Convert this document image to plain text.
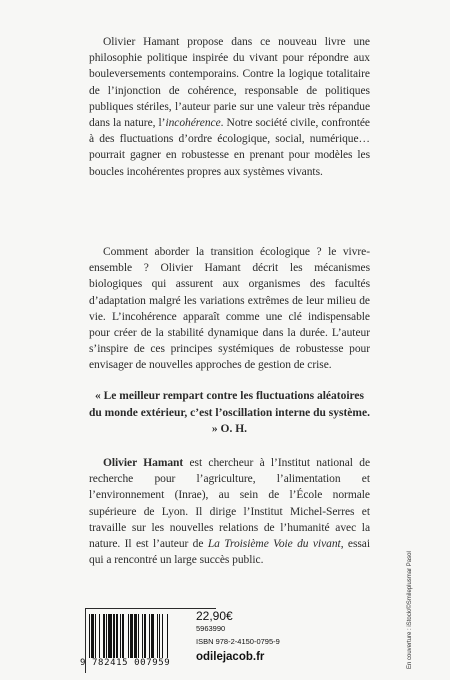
Olivier Hamant propose dans ce nouveau livre une philosophie politique inspirée du vivant pour répondre aux bouleversements contemporains. Contre la logique totalitaire de l’injonction de cohérence, responsable de politiques publiques stériles, l’auteur parie sur une valeur très répandue dans la nature, l’incohérence. Notre société civile, confrontée à des fluctuations d’ordre écologique, social, numérique… pourrait gagner en robustesse en prenant pour modèles les boucles incohérentes propres aux systèmes vivants.

Comment aborder la transition écologique ? le vivre-ensemble ? Olivier Hamant décrit les mécanismes biologiques qui assurent aux organismes des facultés d’adaptation malgré les variations extrêmes de leur milieu de vie. L’incohérence apparaît comme une clé indispensable pour créer de la stabilité dynamique dans la durée. L’auteur s’inspire de ces principes systémiques de robustesse pour envisager de nouvelles approches de gestion de crise.

« Le meilleur rempart contre les fluctuations aléatoires du monde extérieur, c’est l’oscillation interne du système. » O. H.

Olivier Hamant est chercheur à l’Institut national de recherche pour l’agriculture, l’alimentation et l’environnement (Inrae), au sein de l’École normale supérieure de Lyon. Il dirige l’Institut Michel-Serres et travaille sur les nouvelles relations de l’humanité avec la nature. Il est l’auteur de La Troisième Voie du vivant, essai qui a rencontré un large succès public.

9 782415 007959
22,90€
5963990
ISBN 978-2-4150-0795-9
odilejacob.fr	En couverture : iStock/©Smileplusmar Pasol
